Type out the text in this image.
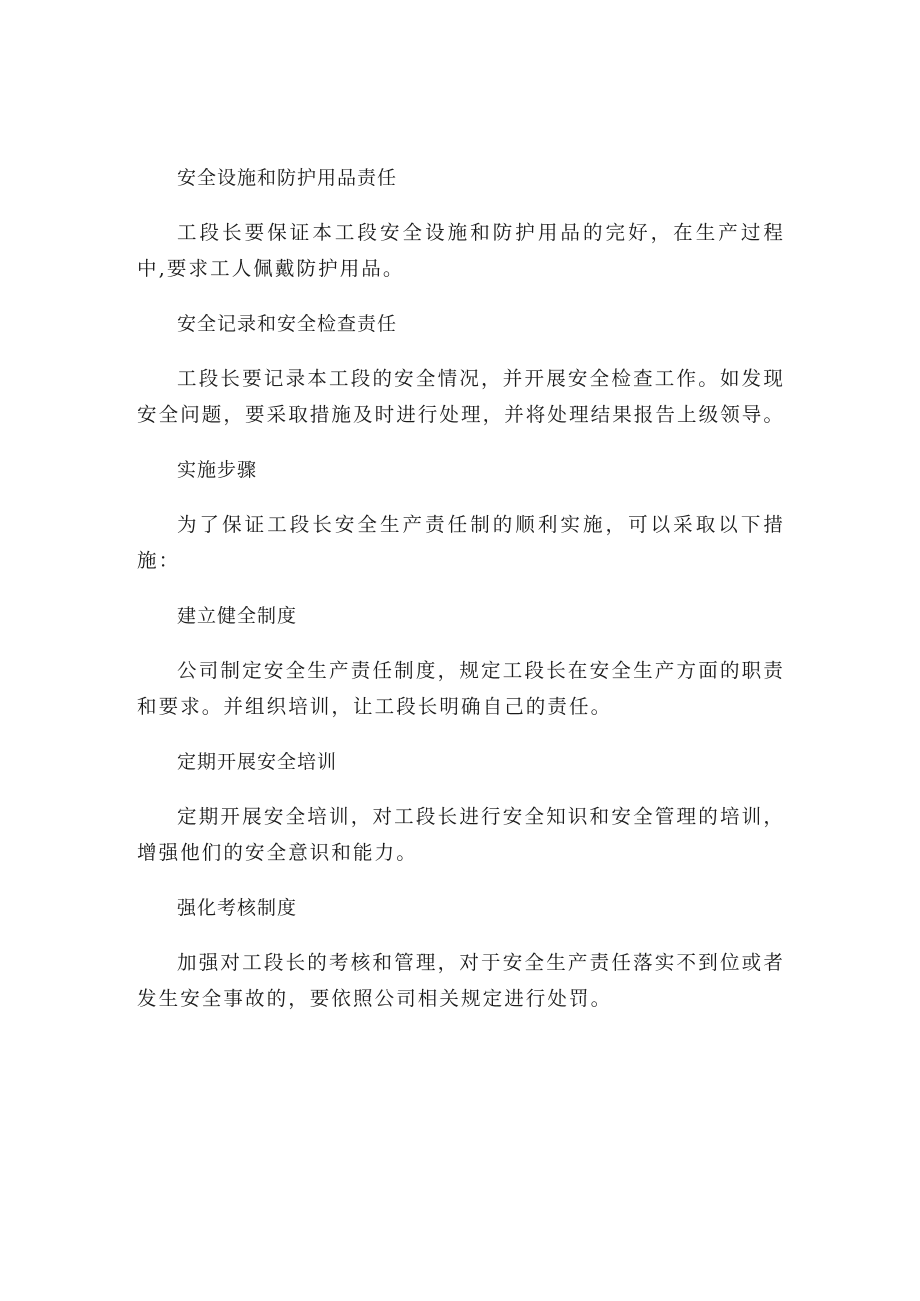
安全设施和防护用品责任
工段长要保证本工段安全设施和防护用品的完好，在生产过程中,要求工人佩戴防护用品。
安全记录和安全检查责任
工段长要记录本工段的安全情况，并开展安全检查工作。如发现安全问题，要采取措施及时进行处理，并将处理结果报告上级领导。
实施步骤
为了保证工段长安全生产责任制的顺利实施，可以采取以下措施：
建立健全制度
公司制定安全生产责任制度，规定工段长在安全生产方面的职责和要求。并组织培训，让工段长明确自己的责任。
定期开展安全培训
定期开展安全培训，对工段长进行安全知识和安全管理的培训，增强他们的安全意识和能力。
强化考核制度
加强对工段长的考核和管理，对于安全生产责任落实不到位或者发生安全事故的，要依照公司相关规定进行处罚。
